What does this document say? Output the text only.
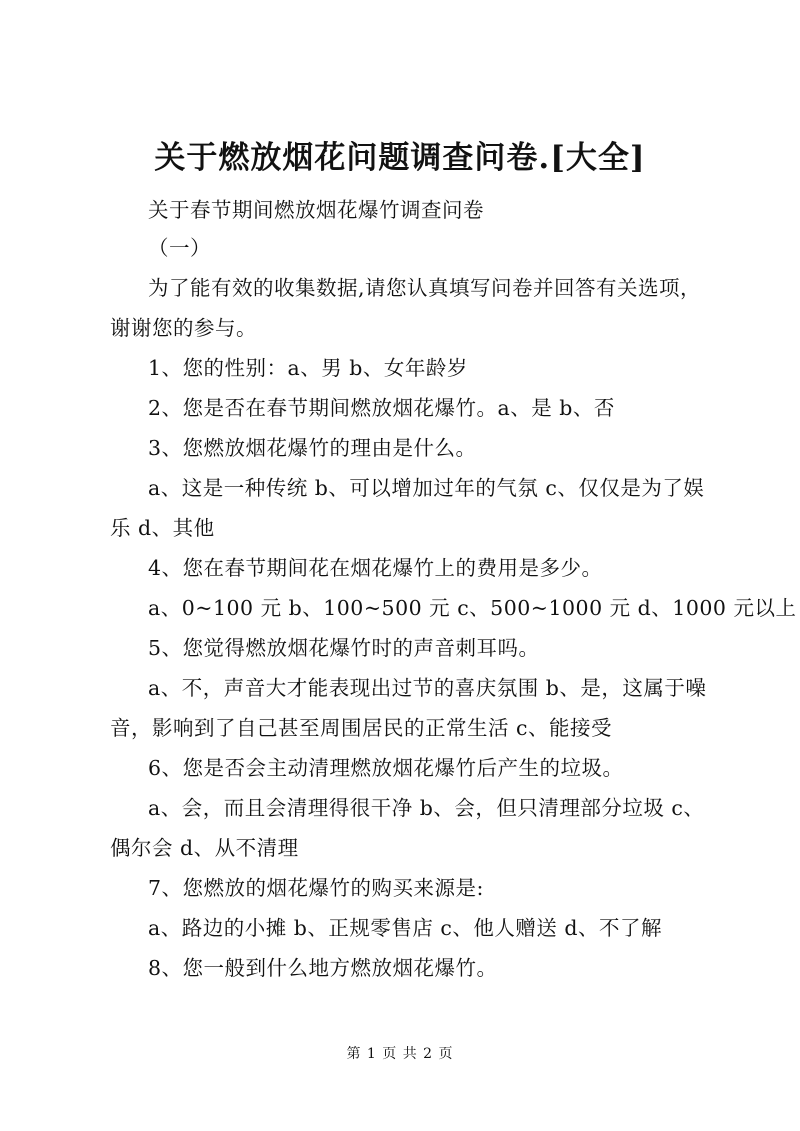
关于燃放烟花问题调查问卷.[大全]
关于春节期间燃放烟花爆竹调查问卷
（一）
为了能有效的收集数据,请您认真填写问卷并回答有关选项，谢谢您的参与。
1、您的性别：a、男 b、女年龄岁
2、您是否在春节期间燃放烟花爆竹。a、是 b、否
3、您燃放烟花爆竹的理由是什么。
a、这是一种传统 b、可以增加过年的气氛 c、仅仅是为了娱乐 d、其他
4、您在春节期间花在烟花爆竹上的费用是多少。
a、0~100 元 b、100~500 元 c、500~1000 元 d、1000 元以上
5、您觉得燃放烟花爆竹时的声音刺耳吗。
a、不，声音大才能表现出过节的喜庆氛围 b、是，这属于噪音，影响到了自己甚至周围居民的正常生活 c、能接受
6、您是否会主动清理燃放烟花爆竹后产生的垃圾。
a、会，而且会清理得很干净 b、会，但只清理部分垃圾 c、偶尔会 d、从不清理
7、您燃放的烟花爆竹的购买来源是:
a、路边的小摊 b、正规零售店 c、他人赠送 d、不了解
8、您一般到什么地方燃放烟花爆竹。
第 1 页 共 2 页
